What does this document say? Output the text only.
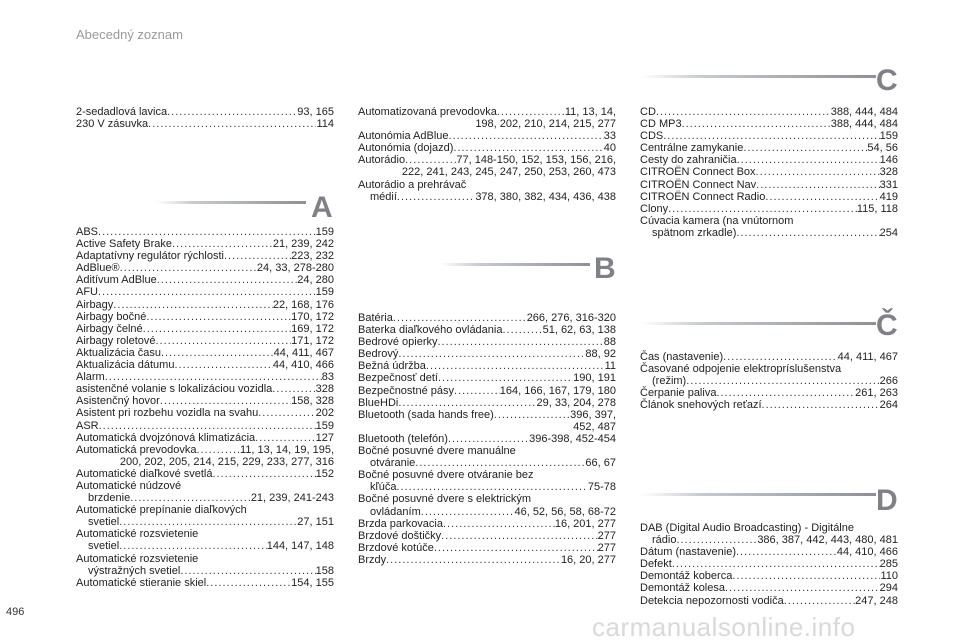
Abecedný zoznam
2-sedadlová lavica .....	93, 165
230 V zásuvka .....	114
A
ABS .....	159
Active Safety Brake .....	21, 239, 242
Adaptatívny regulátor rýchlosti .....	223, 232
AdBlue® .....	24, 33, 278-280
Aditívum AdBlue .....	24, 280
AFU .....	159
Airbagy .....	22, 168, 176
Airbagy bočné .....	170, 172
Airbagy čelné .....	169, 172
Airbagy roletové .....	171, 172
Aktualizácia času .....	44, 411, 467
Aktualizácia dátumu .....	44, 410, 466
Alarm .....	83
asistenčné volanie s lokalizáciou vozidla .....	328
Asistenčný hovor .....	158, 328
Asistent pri rozbehu vozidla na svahu .....	202
ASR .....	159
Automatická dvojzónová klimatizácia .....	127
Automatická prevodovka .....	11, 13, 14, 19, 195,
200, 202, 205, 214, 215, 229, 233, 277, 316
Automatické diaľkové svetlá .....	152
Automatické núdzové
brzdenie .....	21, 239, 241-243
Automatické prepínanie diaľkových
svetiel .....	27, 151
Automatické rozsvietenie
svetiel .....	144, 147, 148
Automatické rozsvietenie
výstražných svetiel .....	158
Automatické stieranie skiel .....	154, 155
Automatizovaná prevodovka .....	11, 13, 14,
198, 202, 210, 214, 215, 277
Autonómia AdBlue .....	33
Autonómia (dojazd) .....	40
Autorádio .....	77, 148-150, 152, 153, 156, 216,
222, 241, 243, 245, 247, 250, 253, 260, 473
Autorádio a prehrávač
médií .....	378, 380, 382, 434, 436, 438
B
Batéria .....	266, 276, 316-320
Baterka diaľkového ovládania .....	51, 62, 63, 138
Bedrové opierky .....	88
Bedrový .....	88, 92
Bežná údržba .....	11
Bezpečnosť detí .....	190, 191
Bezpečnostné pásy .....	164, 166, 167, 179, 180
BlueHDi .....	29, 33, 204, 278
Bluetooth (sada hands free) .....	396, 397,
452, 487
Bluetooth (telefón) .....	396-398, 452-454
Bočné posuvné dvere manuálne
otváranie .....	66, 67
Bočné posuvné dvere otváranie bez
kľúča .....	75-78
Bočné posuvné dvere s elektrickým
ovládaním .....	46, 52, 56, 58, 68-72
Brzda parkovacia .....	16, 201, 277
Brzdové doštičky .....	277
Brzdové kotúče .....	277
Brzdy .....	16, 20, 277
C
CD .....	388, 444, 484
CD MP3 .....	388, 444, 484
CDS .....	159
Centrálne zamykanie .....	54, 56
Cesty do zahraničia .....	146
CITROËN Connect Box .....	328
CITROËN Connect Nav .....	331
CITROËN Connect Radio .....	419
Clony .....	115, 118
Cúvacia kamera (na vnútornom
spätnom zrkadle) .....	254
Č
Čas (nastavenie) .....	44, 411, 467
Časované odpojenie elektropríslušenstva
(režim) .....	266
Čerpanie paliva .....	261, 263
Článok snehových reťazí .....	264
D
DAB (Digital Audio Broadcasting) - Digitálne
rádio .....	386, 387, 442, 443, 480, 481
Dátum (nastavenie) .....	44, 410, 466
Defekt .....	285
Demontáž koberca .....	110
Demontáž kolesa .....	294
Detekcia nepozornosti vodiča .....	247, 248
496	carmanualsonline.info
